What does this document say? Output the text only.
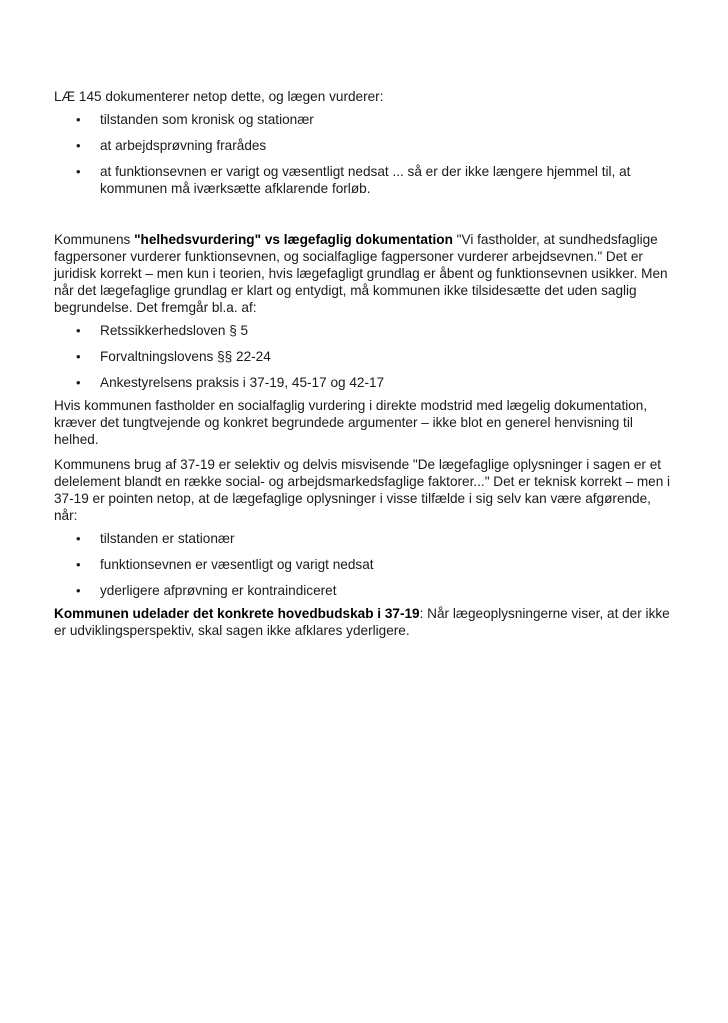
LÆ 145 dokumenterer netop dette, og lægen vurderer:

• tilstanden som kronisk og stationær
• at arbejdsprøvning frarådes
• at funktionsevnen er varigt og væsentligt nedsat ... så er der ikke længere hjemmel til, at kommunen må iværksætte afklarende forløb.

Kommunens "helhedsvurdering" vs lægefaglig dokumentation "Vi fastholder, at sundhedsfaglige fagpersoner vurderer funktionsevnen, og socialfaglige fagpersoner vurderer arbejdsevnen." Det er juridisk korrekt – men kun i teorien, hvis lægefagligt grundlag er åbent og funktionsevnen usikker. Men når det lægefaglige grundlag er klart og entydigt, må kommunen ikke tilsidesætte det uden saglig begrundelse. Det fremgår bl.a. af:

• Retssikkerhedsloven § 5
• Forvaltningslovens §§ 22-24
• Ankestyrelsens praksis i 37-19, 45-17 og 42-17

Hvis kommunen fastholder en socialfaglig vurdering i direkte modstrid med lægelig dokumentation, kræver det tungtvejende og konkret begrundede argumenter – ikke blot en generel henvisning til helhed.

Kommunens brug af 37-19 er selektiv og delvis misvisende "De lægefaglige oplysninger i sagen er et delelement blandt en række social- og arbejdsmarkedsfaglige faktorer..." Det er teknisk korrekt – men i 37-19 er pointen netop, at de lægefaglige oplysninger i visse tilfælde i sig selv kan være afgørende, når:

• tilstanden er stationær
• funktionsevnen er væsentligt og varigt nedsat
• yderligere afprøvning er kontraindiceret

Kommunen udelader det konkrete hovedbudskab i 37-19: Når lægeoplysningerne viser, at der ikke er udviklingsperspektiv, skal sagen ikke afklares yderligere.
